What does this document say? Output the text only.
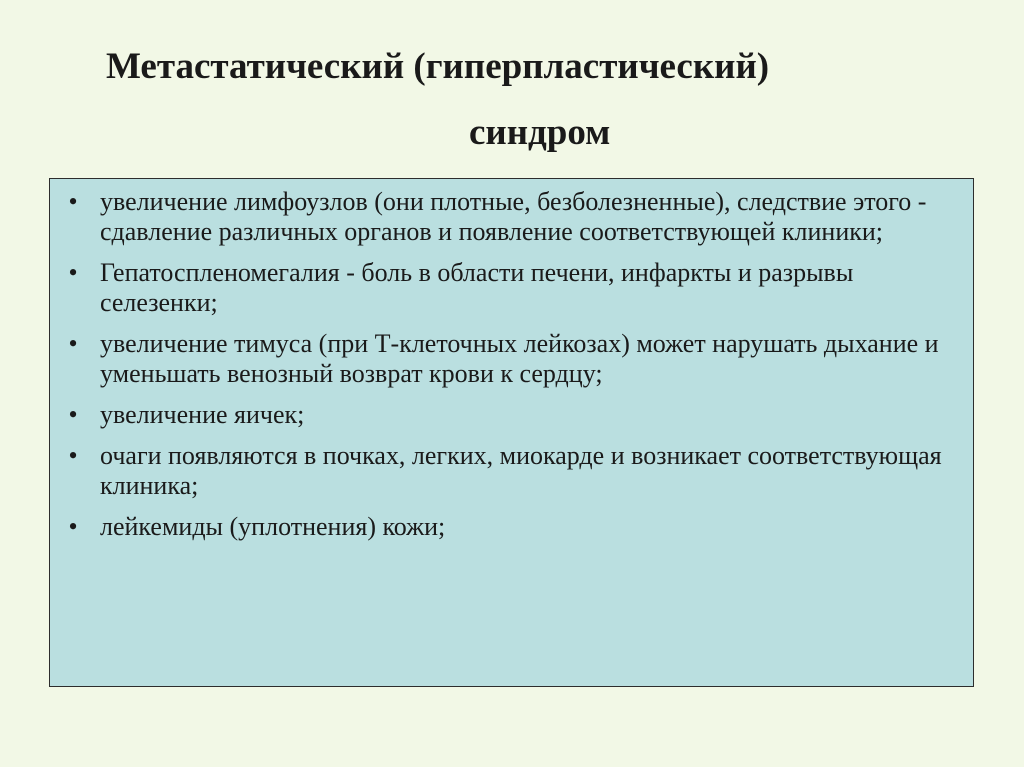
Метастатический (гиперпластический)
синдром
• увеличение лимфоузлов (они плотные, безболезненные), следствие этого - сдавление различных органов и появление соответствующей клиники;
• Гепатоспленомегалия - боль в области печени, инфаркты и разрывы селезенки;
• увеличение тимуса (при Т-клеточных лейкозах) может нарушать дыхание и уменьшать венозный возврат крови к сердцу;
• увеличение яичек;
• очаги появляются в почках, легких, миокарде и возникает соответствующая клиника;
• лейкемиды (уплотнения) кожи;
